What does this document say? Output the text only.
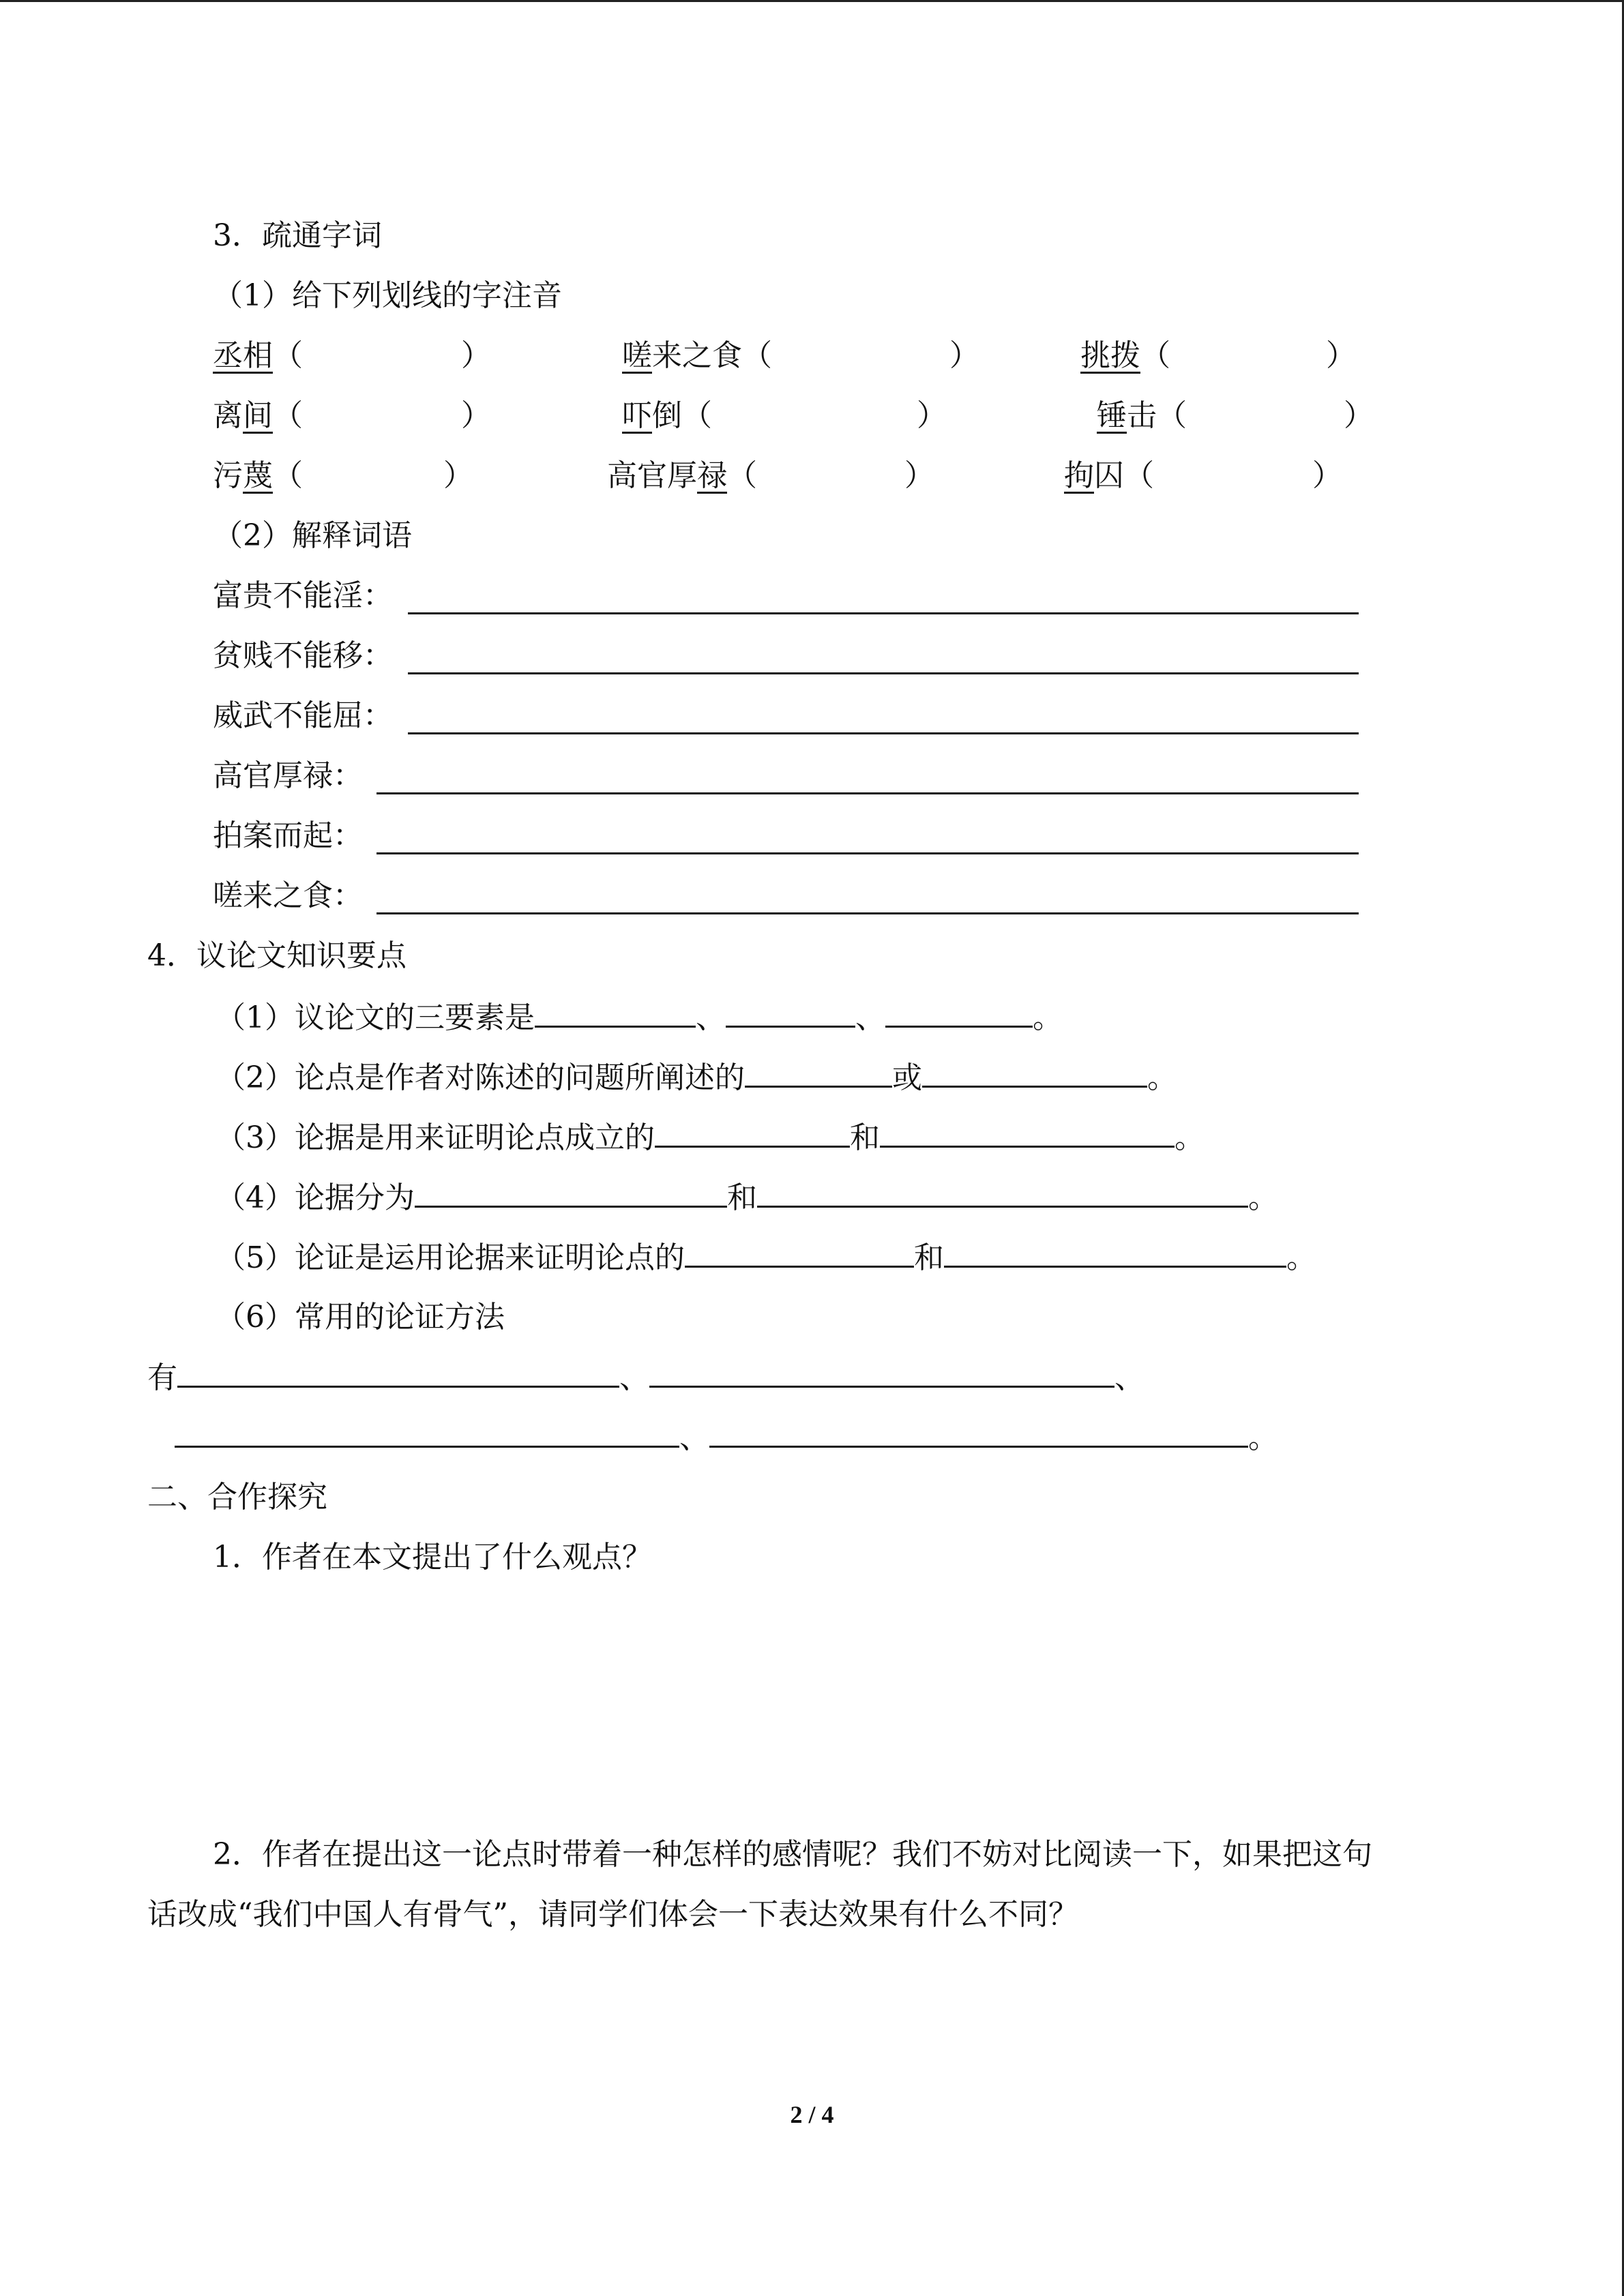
3．疏通字词
（1）给下列划线的字注音
丞相（	）	嗟来之食（	）	挑拨（	）
离间（	）	吓倒（	）	锤击（	）
污蔑（	）	高官厚禄（	）	拘囚（	）
（2）解释词语
富贵不能淫：
贫贱不能移：
威武不能屈：
高官厚禄：
拍案而起：
嗟来之食：
4．议论文知识要点
（1）议论文的三要素是	、	、	。
（2）论点是作者对陈述的问题所阐述的	或	。
（3）论据是用来证明论点成立的	和	。
（4）论据分为	和	。
（5）论证是运用论据来证明论点的	和	。
（6）常用的论证方法
有	、	、
、	。
二、合作探究
1．作者在本文提出了什么观点？
2．作者在提出这一论点时带着一种怎样的感情呢？我们不妨对比阅读一下，如果把这句
话改成“我们中国人有骨气”，请同学们体会一下表达效果有什么不同？
2 / 4
